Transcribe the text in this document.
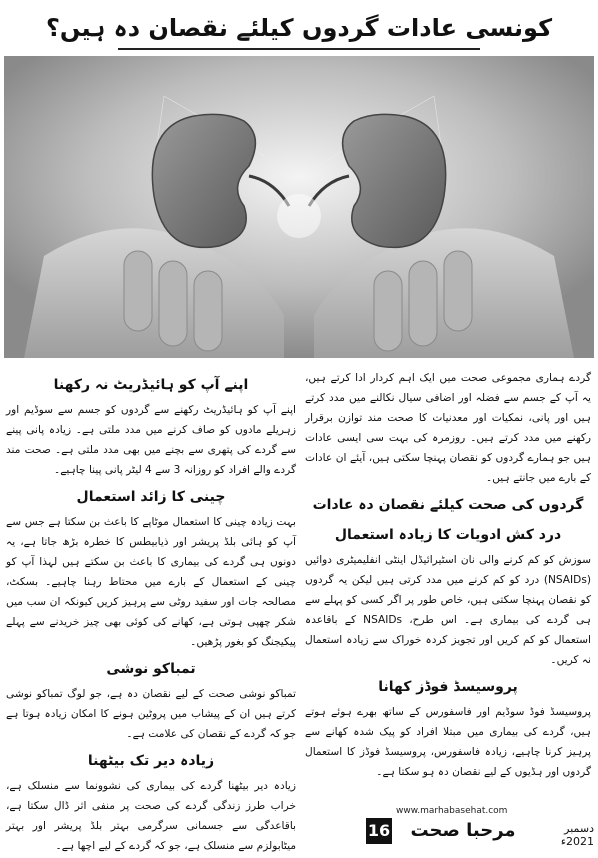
کونسی عادات گردوں کیلئے نقصان دہ ہیں؟

گردے ہماری مجموعی صحت میں ایک اہم کردار ادا کرتے ہیں، یہ آپ کے جسم سے فضلہ اور اضافی سیال نکالنے میں مدد کرتے ہیں اور پانی، نمکیات اور معدنیات کا صحت مند توازن برقرار رکھنے میں مدد کرتے ہیں۔ روزمرہ کی بہت سی ایسی عادات ہیں جو ہمارے گردوں کو نقصان پہنچا سکتی ہیں، آیئے ان عادات کے بارے میں جانتے ہیں۔

گردوں کی صحت کیلئے نقصان دہ عادات
درد کش ادویات کا زیادہ استعمال

سوزش کو کم کرنے والی نان اسٹیرائیڈل اینٹی انفلیمیٹری دوائیں (NSAIDs) درد کو کم کرنے میں مدد کرتی ہیں لیکن یہ گردوں کو نقصان پہنچا سکتی ہیں، خاص طور پر اگر کسی کو پہلے سے ہی گردے کی بیماری ہے۔ اس طرح، NSAIDs کے باقاعدہ استعمال کو کم کریں اور تجویز کردہ خوراک سے زیادہ استعمال نہ کریں۔

پروسیسڈ فوڈز کھانا

پروسیسڈ فوڈ سوڈیم اور فاسفورس کے ساتھ بھرے ہوئے ہوتے ہیں، گردے کی بیماری میں مبتلا افراد کو پیک شدہ کھانے سے پرہیز کرنا چاہیے، زیادہ فاسفورس، پروسیسڈ فوڈز کا استعمال گردوں اور ہڈیوں کے لیے نقصان دہ ہو سکتا ہے۔

اپنے آپ کو ہائیڈریٹ نہ رکھنا

اپنے آپ کو ہائیڈریٹ رکھنے سے گردوں کو جسم سے سوڈیم اور زہریلے مادوں کو صاف کرنے میں مدد ملتی ہے۔ زیادہ پانی پینے سے گردے کی پتھری سے بچنے میں بھی مدد ملتی ہے۔ صحت مند گردے والے افراد کو روزانہ 3 سے 4 لیٹر پانی پینا چاہیے۔

چینی کا زائد استعمال

بہت زیادہ چینی کا استعمال موٹاپے کا باعث بن سکتا ہے جس سے آپ کو ہائی بلڈ پریشر اور ذیابیطس کا خطرہ بڑھ جاتا ہے، یہ دونوں ہی گردے کی بیماری کا باعث بن سکتے ہیں لہذا آپ کو چینی کے استعمال کے بارے میں محتاط رہنا چاہیے۔ بسکٹ، مصالحہ جات اور سفید روٹی سے پرہیز کریں کیونکہ ان سب میں شکر چھپی ہوتی ہے، کھانے کی کوئی بھی چیز خریدنے سے پہلے پیکیجنگ کو بغور پڑھیں۔

تمباکو نوشی

تمباکو نوشی صحت کے لیے نقصان دہ ہے، جو لوگ تمباکو نوشی کرتے ہیں ان کے پیشاب میں پروٹین ہونے کا امکان زیادہ ہوتا ہے جو کہ گردے کے نقصان کی علامت ہے۔

زیادہ دیر تک بیٹھنا

زیادہ دیر بیٹھنا گردے کی بیماری کی نشوونما سے منسلک ہے، خراب طرز زندگی گردے کی صحت پر منفی اثر ڈال سکتا ہے، باقاعدگی سے جسمانی سرگرمی بہتر بلڈ پریشر اور بہتر میٹابولزم سے منسلک ہے، جو کہ گردے کے لیے اچھا ہے۔

www.marhabasehat.com
16	مرحبا صحت	دسمبر 2021ء
